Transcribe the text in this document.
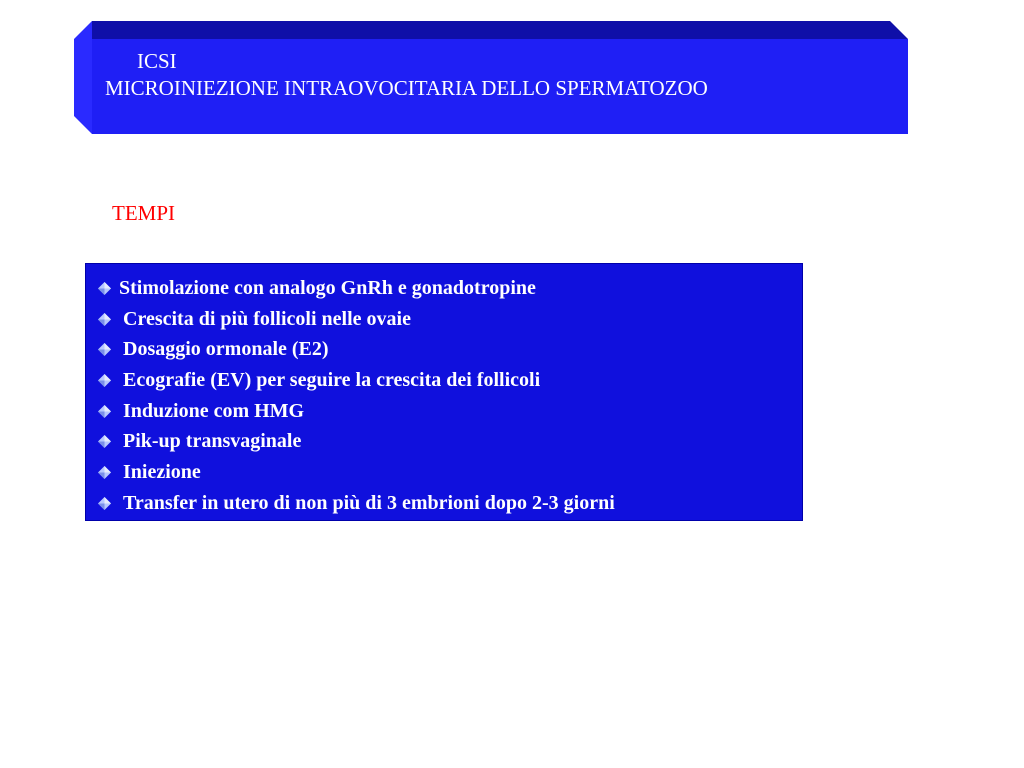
ICSI
MICROINIEZIONE INTRAOVOCITARIA DELLO SPERMATOZOO
TEMPI
Stimolazione con analogo GnRh e gonadotropine
Crescita di più follicoli nelle ovaie
Dosaggio ormonale (E2)
Ecografie (EV) per seguire la crescita dei follicoli
Induzione com HMG
Pik-up transvaginale
Iniezione
Transfer in utero di non più di 3 embrioni dopo 2-3 giorni
